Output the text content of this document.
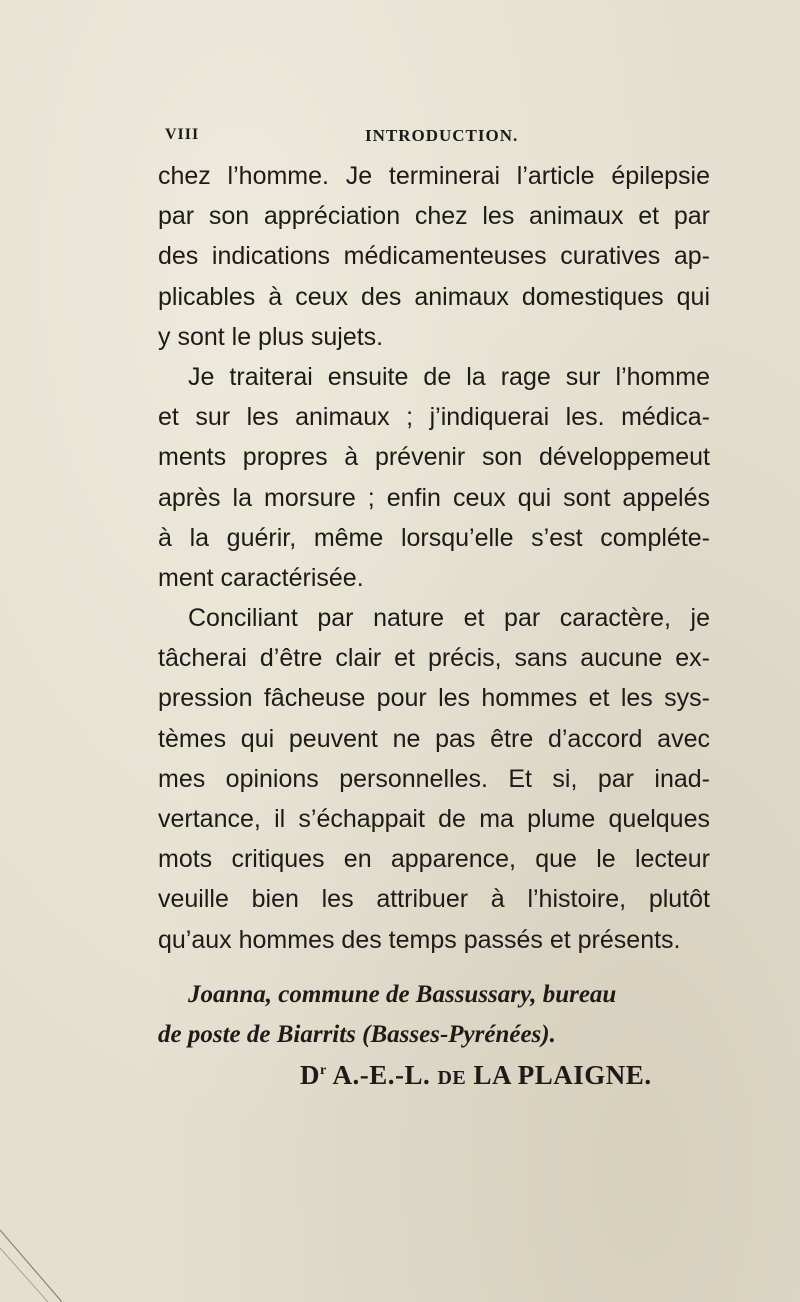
VIII	INTRODUCTION.
chez l’homme. Je terminerai l’article épilepsie
par son appréciation chez les animaux et par
des indications médicamenteuses curatives ap-
plicables à ceux des animaux domestiques qui
y sont le plus sujets.
Je traiterai ensuite de la rage sur l’homme
et sur les animaux ; j’indiquerai les. médica-
ments propres à prévenir son développemeut
après la morsure ; enfin ceux qui sont appelés
à la guérir, même lorsqu’elle s’est compléte-
ment caractérisée.
Conciliant par nature et par caractère, je
tâcherai d’être clair et précis, sans aucune ex-
pression fâcheuse pour les hommes et les sys-
tèmes qui peuvent ne pas être d’accord avec
mes opinions personnelles. Et si, par inad-
vertance, il s’échappait de ma plume quelques
mots critiques en apparence, que le lecteur
veuille bien les attribuer à l’histoire, plutôt
qu’aux hommes des temps passés et présents.
Joanna, commune de Bassussary, bureau
de poste de Biarrits (Basses-Pyrénées).
$D^r$ A.-E.-L. DE LA PLAIGNE.
